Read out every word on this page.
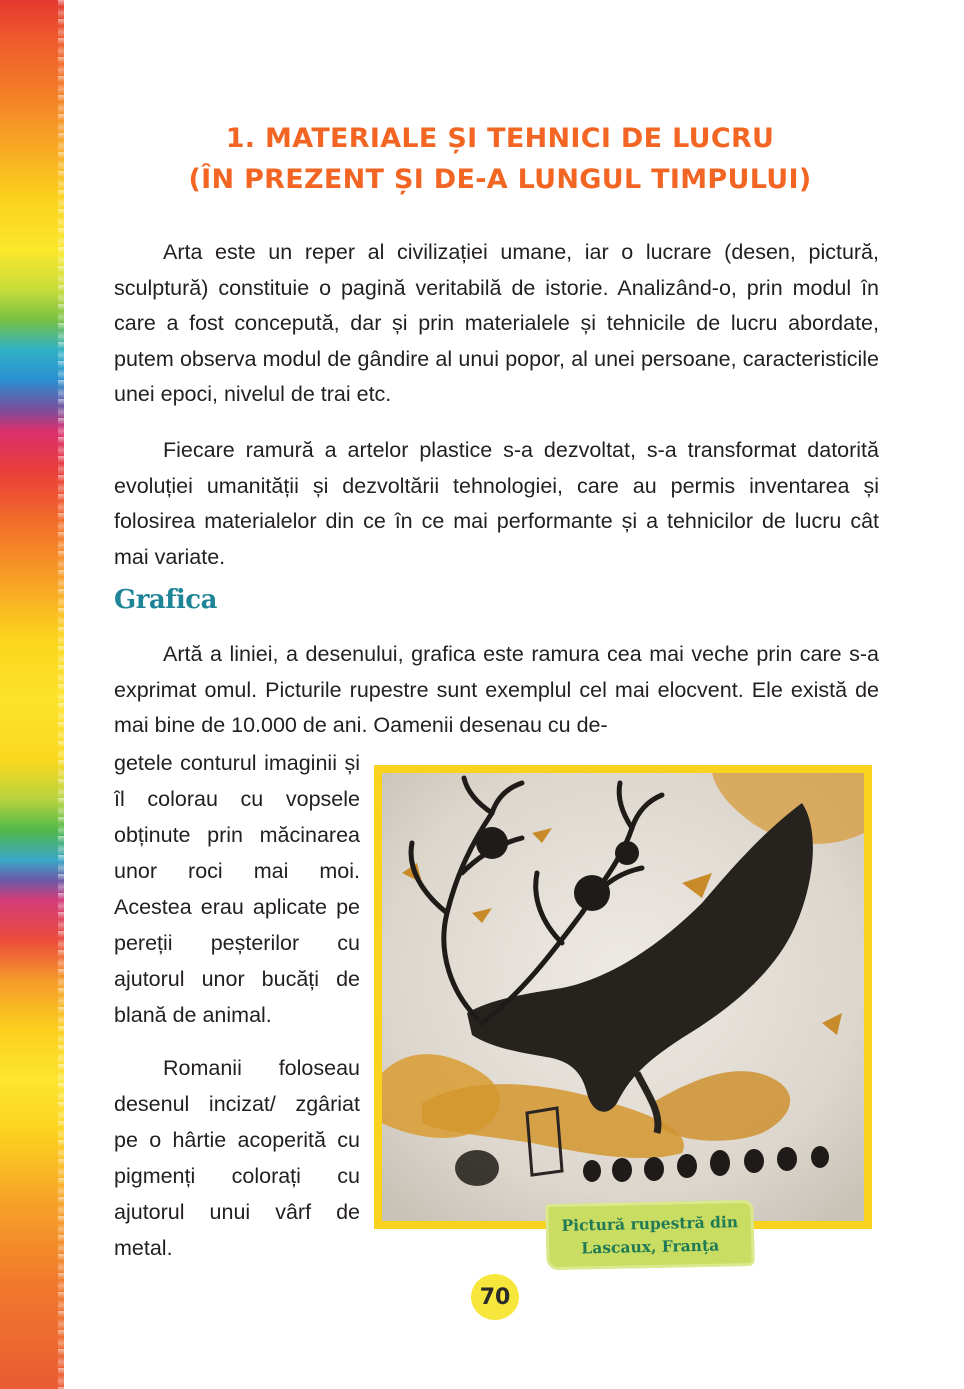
1. MATERIALE ȘI TEHNICI DE LUCRU
(ÎN PREZENT ȘI DE-A LUNGUL TIMPULUI)

Arta este un reper al civilizației umane, iar o lucrare (desen, pictură, sculptură) constituie o pagină veritabilă de istorie. Analizând-o, prin modul în care a fost concepută, dar și prin materialele și tehnicile de lucru abordate, putem observa modul de gândire al unui popor, al unei persoane, caracteristicile unei epoci, nivelul de trai etc.

Fiecare ramură a artelor plastice s-a dezvoltat, s-a transformat datorită evoluției umanității și dezvoltării tehnologiei, care au permis inventarea și folosirea materialelor din ce în ce mai performante și a tehnicilor de lucru cât mai variate.

Grafica

Artă a liniei, a desenului, grafica este ramura cea mai veche prin care s-a exprimat omul. Picturile rupestre sunt exemplul cel mai elocvent. Ele există de mai bine de 10.000 de ani. Oamenii desenau cu de-

getele conturul imaginii și îl colorau cu vopsele obținute prin măcinarea unor roci mai moi. Acestea erau aplicate pe pereții peșterilor cu ajutorul unor bucăți de blană de animal.

Romanii foloseau desenul incizat/ zgâriat pe o hârtie acoperită cu pigmenți colorați cu ajutorul unui vârf de metal.

Pictură rupestră din
Lascaux, Franța
70
